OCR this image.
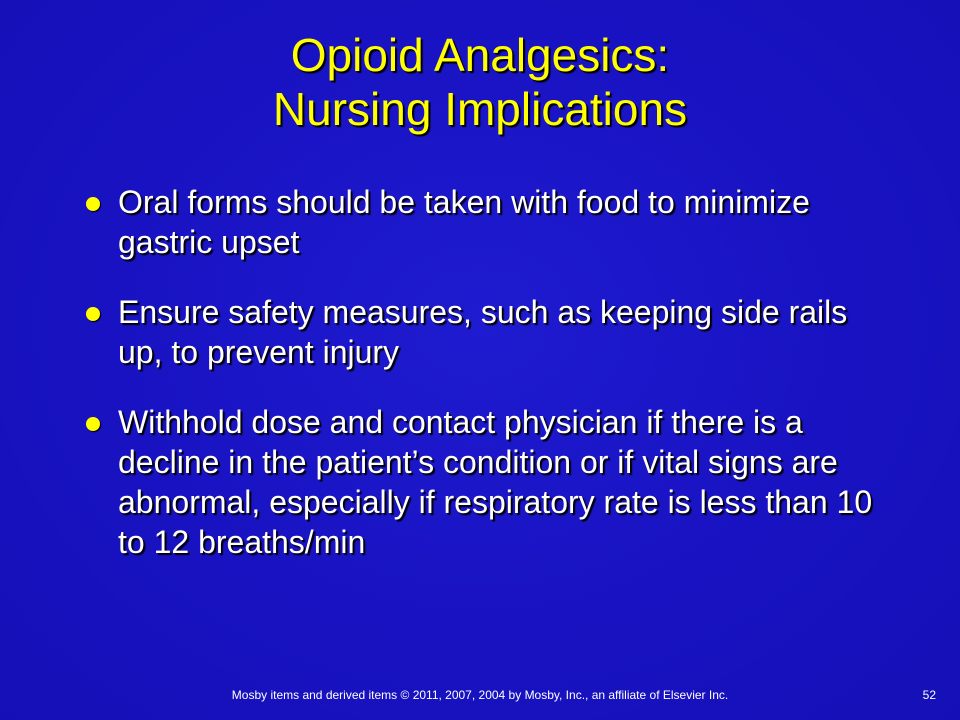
Opioid Analgesics:
Nursing Implications
Oral forms should be taken with food to minimize gastric upset
Ensure safety measures, such as keeping side rails up, to prevent injury
Withhold dose and contact physician if there is a decline in the patient’s condition or if vital signs are abnormal, especially if respiratory rate is less than 10 to 12 breaths/min
Mosby items and derived items © 2011, 2007, 2004 by Mosby, Inc., an affiliate of Elsevier Inc.	52
